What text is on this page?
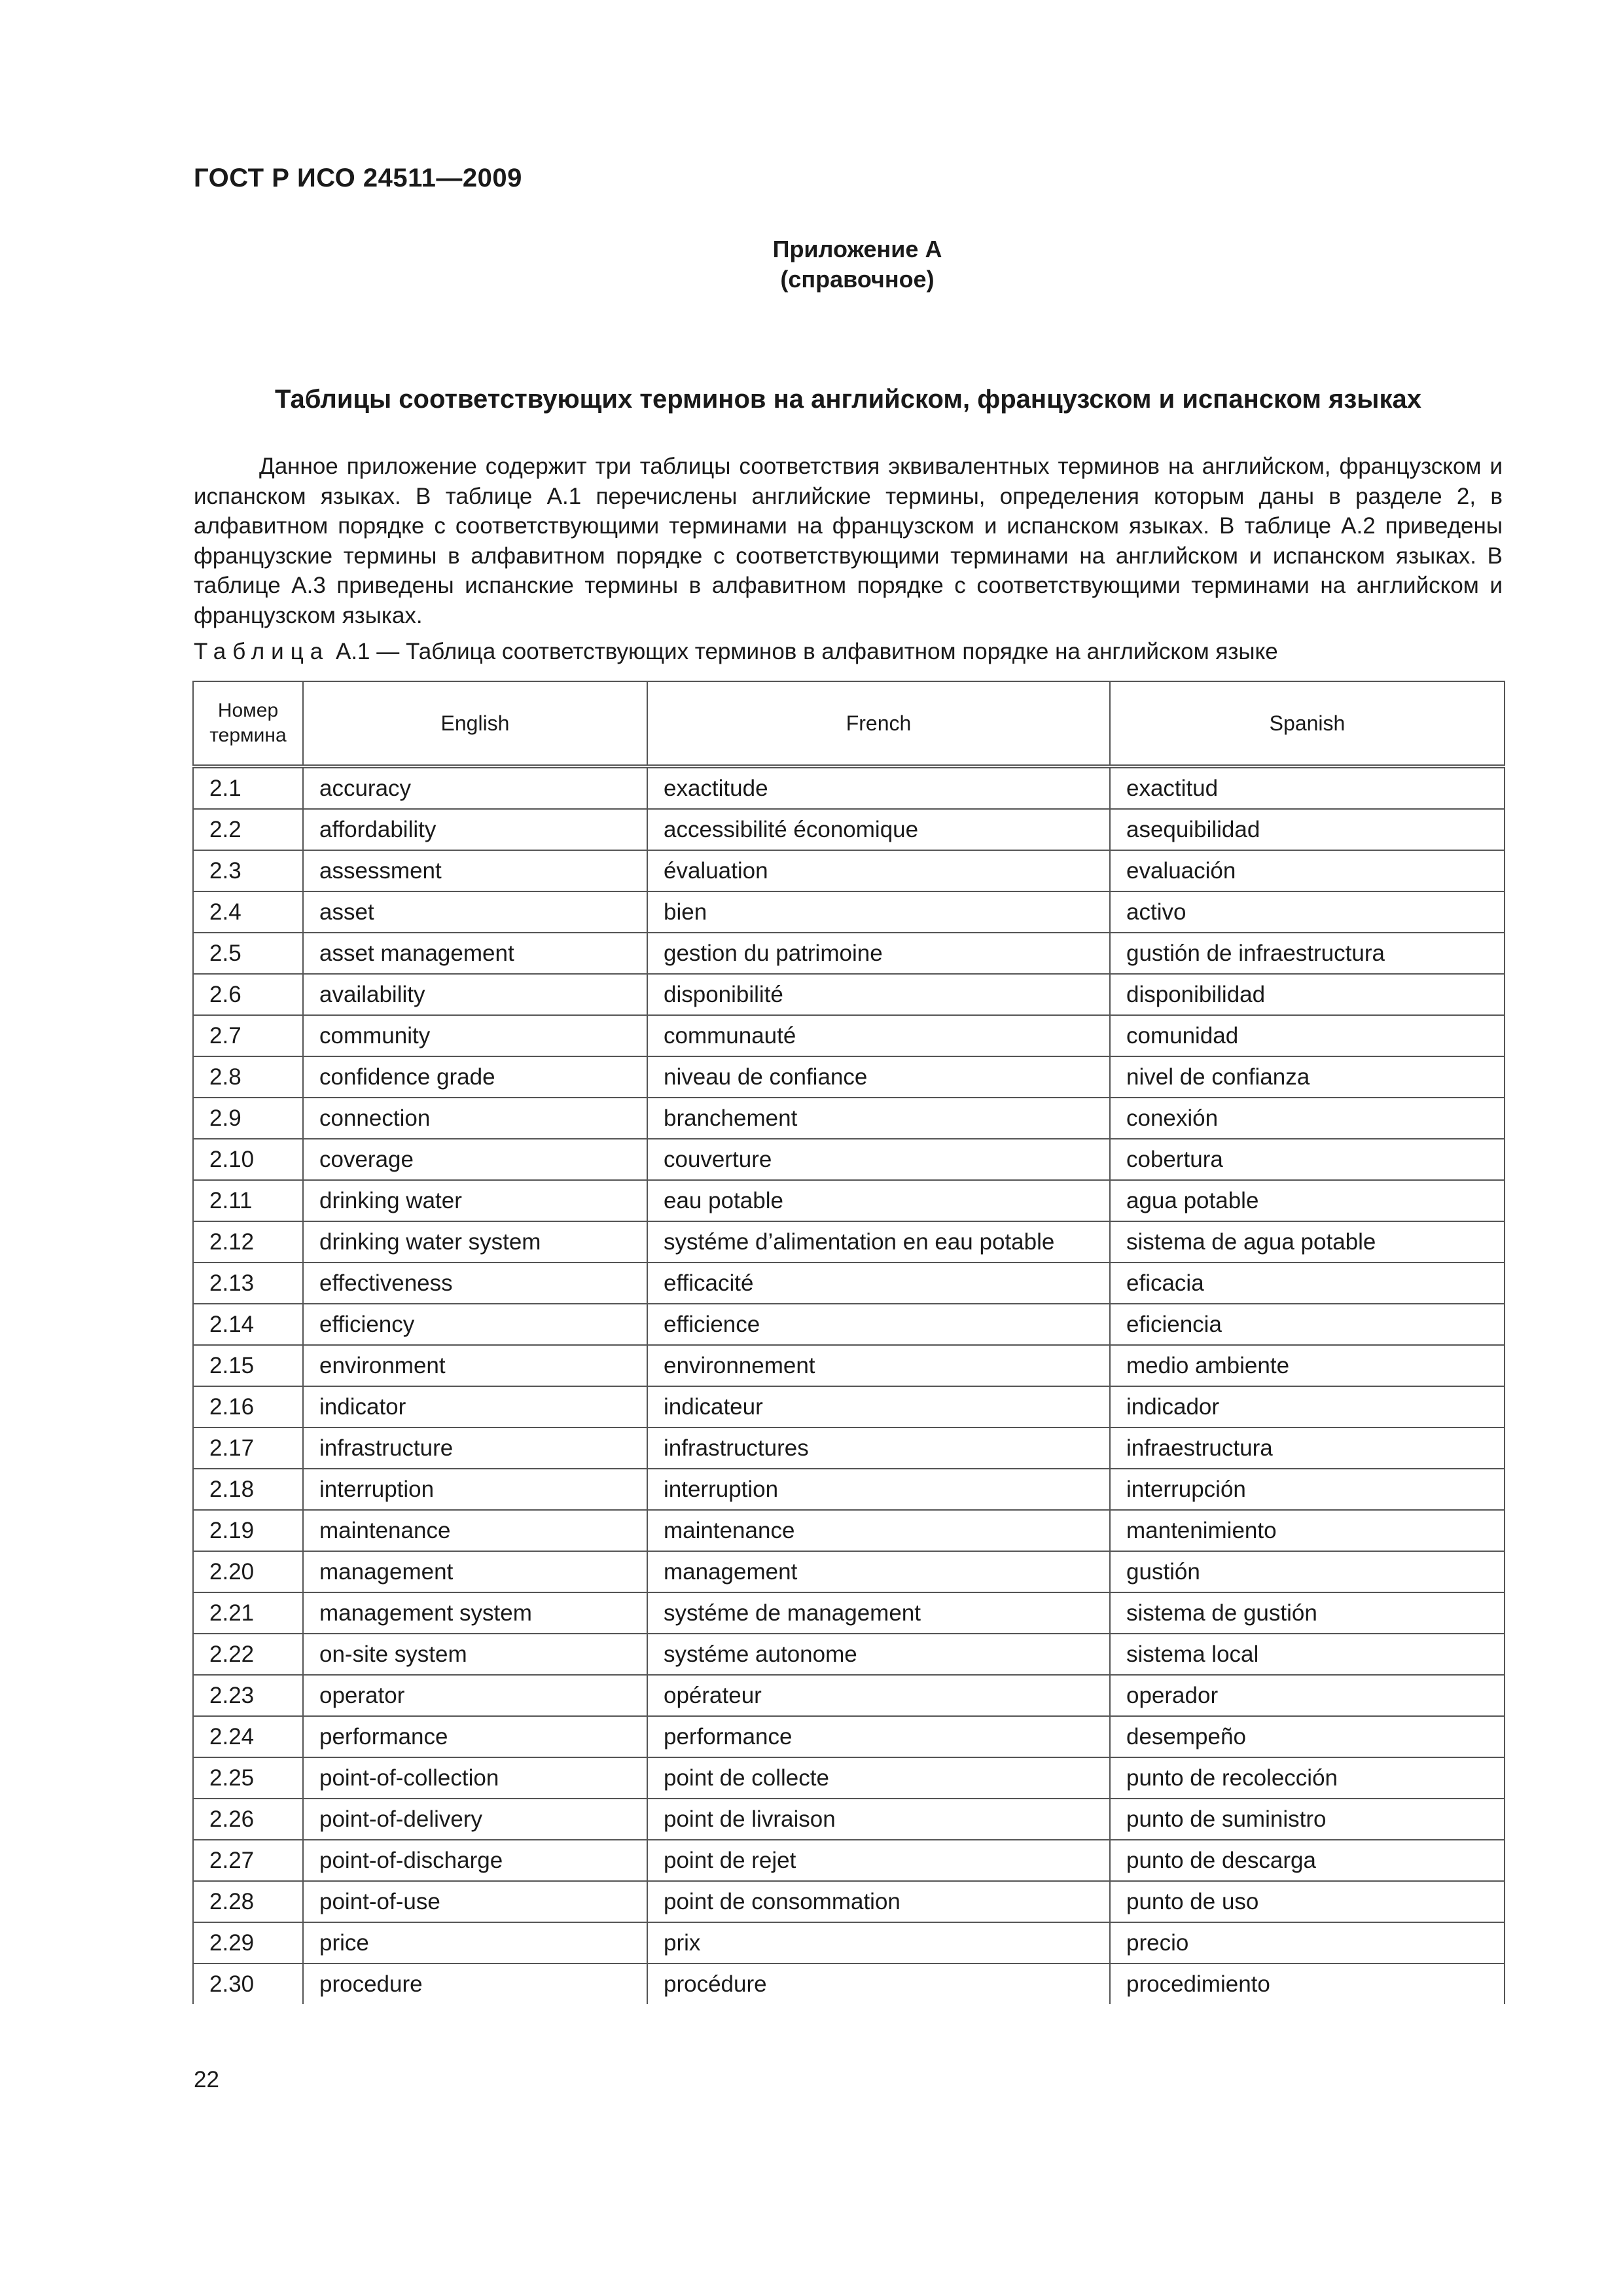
ГОСТ Р ИСО 24511—2009
Приложение А
(справочное)
Таблицы соответствующих терминов на английском, французском и испанском языках

Данное приложение содержит три таблицы соответствия эквивалентных терминов на английском, французском и испанском языках. В таблице А.1 перечислены английские термины, определения которым даны в разделе 2, в алфавитном порядке с соответствующими терминами на французском и испанском языках. В таблице А.2 приведены французские термины в алфавитном порядке с соответствующими терминами на английском и испанском языках. В таблице А.3 приведены испанские термины в алфавитном порядке с соответствующими терминами на английском и французском языках.

Таблица А.1 — Таблица соответствующих терминов в алфавитном порядке на английском языке
Номер
термина	English	French	Spanish
2.1	accuracy	exactitude	exactitud
2.2	affordability	accessibilité économique	asequibilidad
2.3	assessment	évaluation	evaluación
2.4	asset	bien	activo
2.5	asset management	gestion du patrimoine	gustión de infraestructura
2.6	availability	disponibilité	disponibilidad
2.7	community	communauté	comunidad
2.8	confidence grade	niveau de confiance	nivel de confianza
2.9	connection	branchement	conexión
2.10	coverage	couverture	cobertura
2.11	drinking water	eau potable	agua potable
2.12	drinking water system	systéme d’alimentation en eau potable	sistema de agua potable
2.13	effectiveness	efficacité	eficacia
2.14	efficiency	efficience	eficiencia
2.15	environment	environnement	medio ambiente
2.16	indicator	indicateur	indicador
2.17	infrastructure	infrastructures	infraestructura
2.18	interruption	interruption	interrupción
2.19	maintenance	maintenance	mantenimiento
2.20	management	management	gustión
2.21	management system	systéme de management	sistema de gustión
2.22	on-site system	systéme autonome	sistema local
2.23	operator	opérateur	operador
2.24	performance	performance	desempeño
2.25	point-of-collection	point de collecte	punto de recolección
2.26	point-of-delivery	point de livraison	punto de suministro
2.27	point-of-discharge	point de rejet	punto de descarga
2.28	point-of-use	point de consommation	punto de uso
2.29	price	prix	precio
2.30	procedure	procédure	procedimiento
22
